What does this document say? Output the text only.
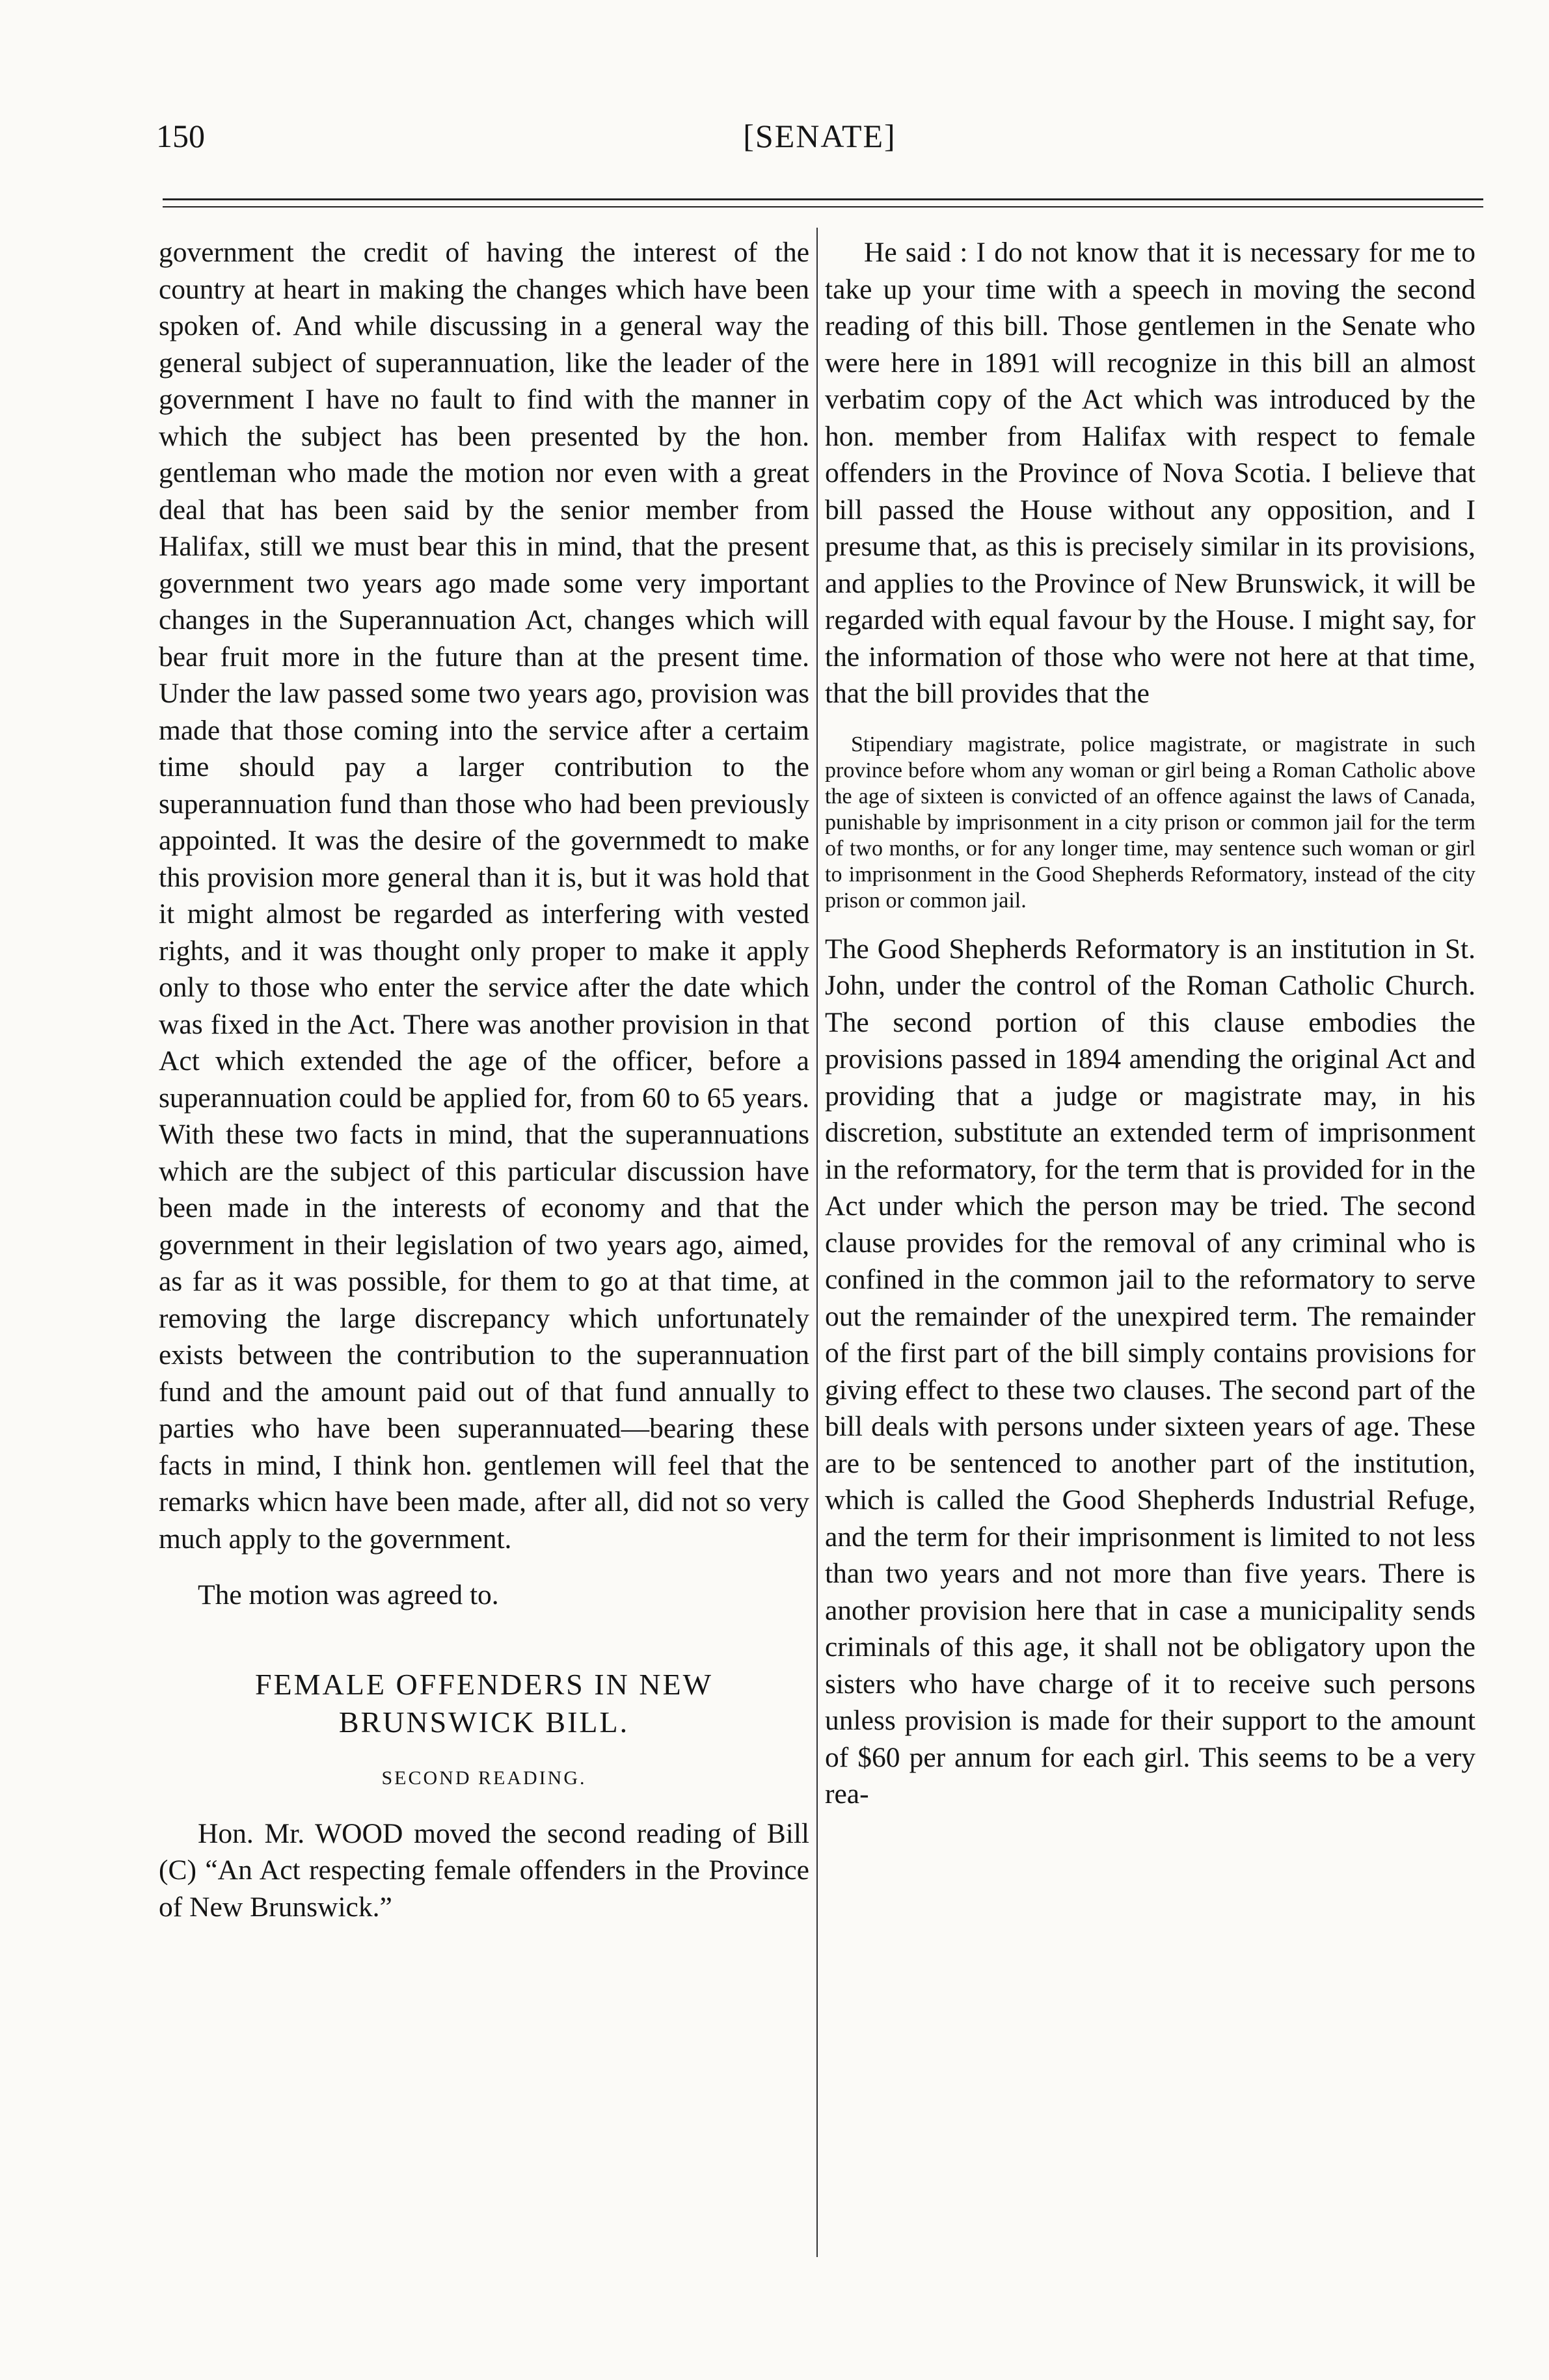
150	[SENATE]

government the credit of having the interest of the country at heart in making the changes which have been spoken of. And while discussing in a general way the general subject of superannuation, like the leader of the government I have no fault to find with the manner in which the subject has been presented by the hon. gentleman who made the motion nor even with a great deal that has been said by the senior member from Halifax, still we must bear this in mind, that the present government two years ago made some very important changes in the Superannuation Act, changes which will bear fruit more in the future than at the present time. Under the law passed some two years ago, provision was made that those coming into the service after a certaim time should pay a larger contribution to the superannuation fund than those who had been previously appointed. It was the desire of the governmedt to make this provision more general than it is, but it was hold that it might almost be regarded as interfering with vested rights, and it was thought only proper to make it apply only to those who enter the service after the date which was fixed in the Act. There was another provision in that Act which extended the age of the officer, before a superannuation could be applied for, from 60 to 65 years. With these two facts in mind, that the superannuations which are the subject of this particular discussion have been made in the interests of economy and that the government in their legislation of two years ago, aimed, as far as it was possible, for them to go at that time, at removing the large discrepancy which unfortunately exists between the contribution to the superannuation fund and the amount paid out of that fund annually to parties who have been superannuated—bearing these facts in mind, I think hon. gentlemen will feel that the remarks whicn have been made, after all, did not so very much apply to the government.

The motion was agreed to.

FEMALE OFFENDERS IN NEW BRUNSWICK BILL.
SECOND READING.

Hon. Mr. WOOD moved the second reading of Bill (C) “An Act respecting female offenders in the Province of New Brunswick.”

He said : I do not know that it is necessary for me to take up your time with a speech in moving the second reading of this bill. Those gentlemen in the Senate who were here in 1891 will recognize in this bill an almost verbatim copy of the Act which was introduced by the hon. member from Halifax with respect to female offenders in the Province of Nova Scotia. I believe that bill passed the House without any opposition, and I presume that, as this is precisely similar in its provisions, and applies to the Province of New Brunswick, it will be regarded with equal favour by the House. I might say, for the information of those who were not here at that time, that the bill provides that the

Stipendiary magistrate, police magistrate, or magistrate in such province before whom any woman or girl being a Roman Catholic above the age of sixteen is convicted of an offence against the laws of Canada, punishable by imprisonment in a city prison or common jail for the term of two months, or for any longer time, may sentence such woman or girl to imprisonment in the Good Shepherds Reformatory, instead of the city prison or common jail.

The Good Shepherds Reformatory is an institution in St. John, under the control of the Roman Catholic Church. The second portion of this clause embodies the provisions passed in 1894 amending the original Act and providing that a judge or magistrate may, in his discretion, substitute an extended term of imprisonment in the reformatory, for the term that is provided for in the Act under which the person may be tried. The second clause provides for the removal of any criminal who is confined in the common jail to the reformatory to serve out the remainder of the unexpired term. The remainder of the first part of the bill simply contains provisions for giving effect to these two clauses. The second part of the bill deals with persons under sixteen years of age. These are to be sentenced to another part of the institution, which is called the Good Shepherds Industrial Refuge, and the term for their imprisonment is limited to not less than two years and not more than five years. There is another provision here that in case a municipality sends criminals of this age, it shall not be obligatory upon the sisters who have charge of it to receive such persons unless provision is made for their support to the amount of $60 per annum for each girl. This seems to be a very rea-
